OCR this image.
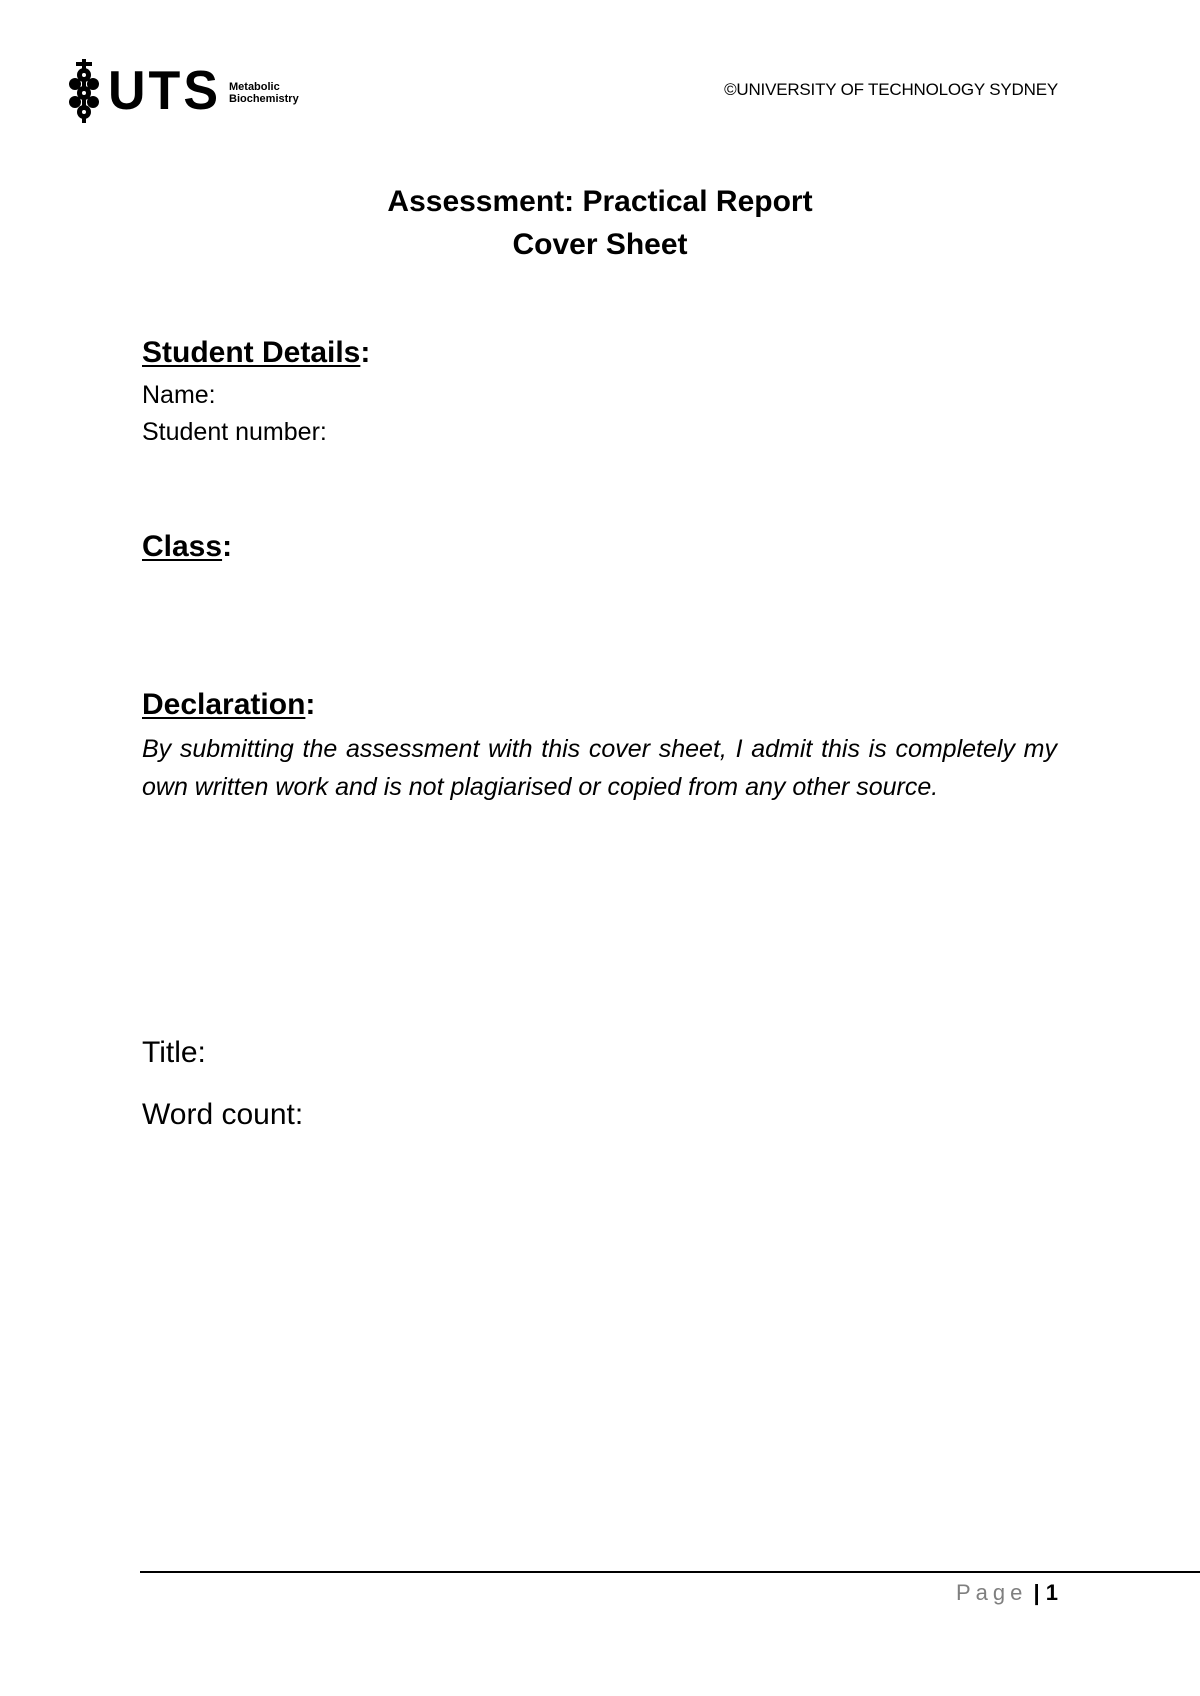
UTS Metabolic
Biochemistry	©UNIVERSITY OF TECHNOLOGY SYDNEY
Assessment: Practical Report
Cover Sheet
Student Details:
Name:
Student number:
Class:
Declaration:
By submitting the assessment with this cover sheet, I admit this is completely my own written work and is not plagiarised or copied from any other source.
Title:
Word count:
Page | 1
